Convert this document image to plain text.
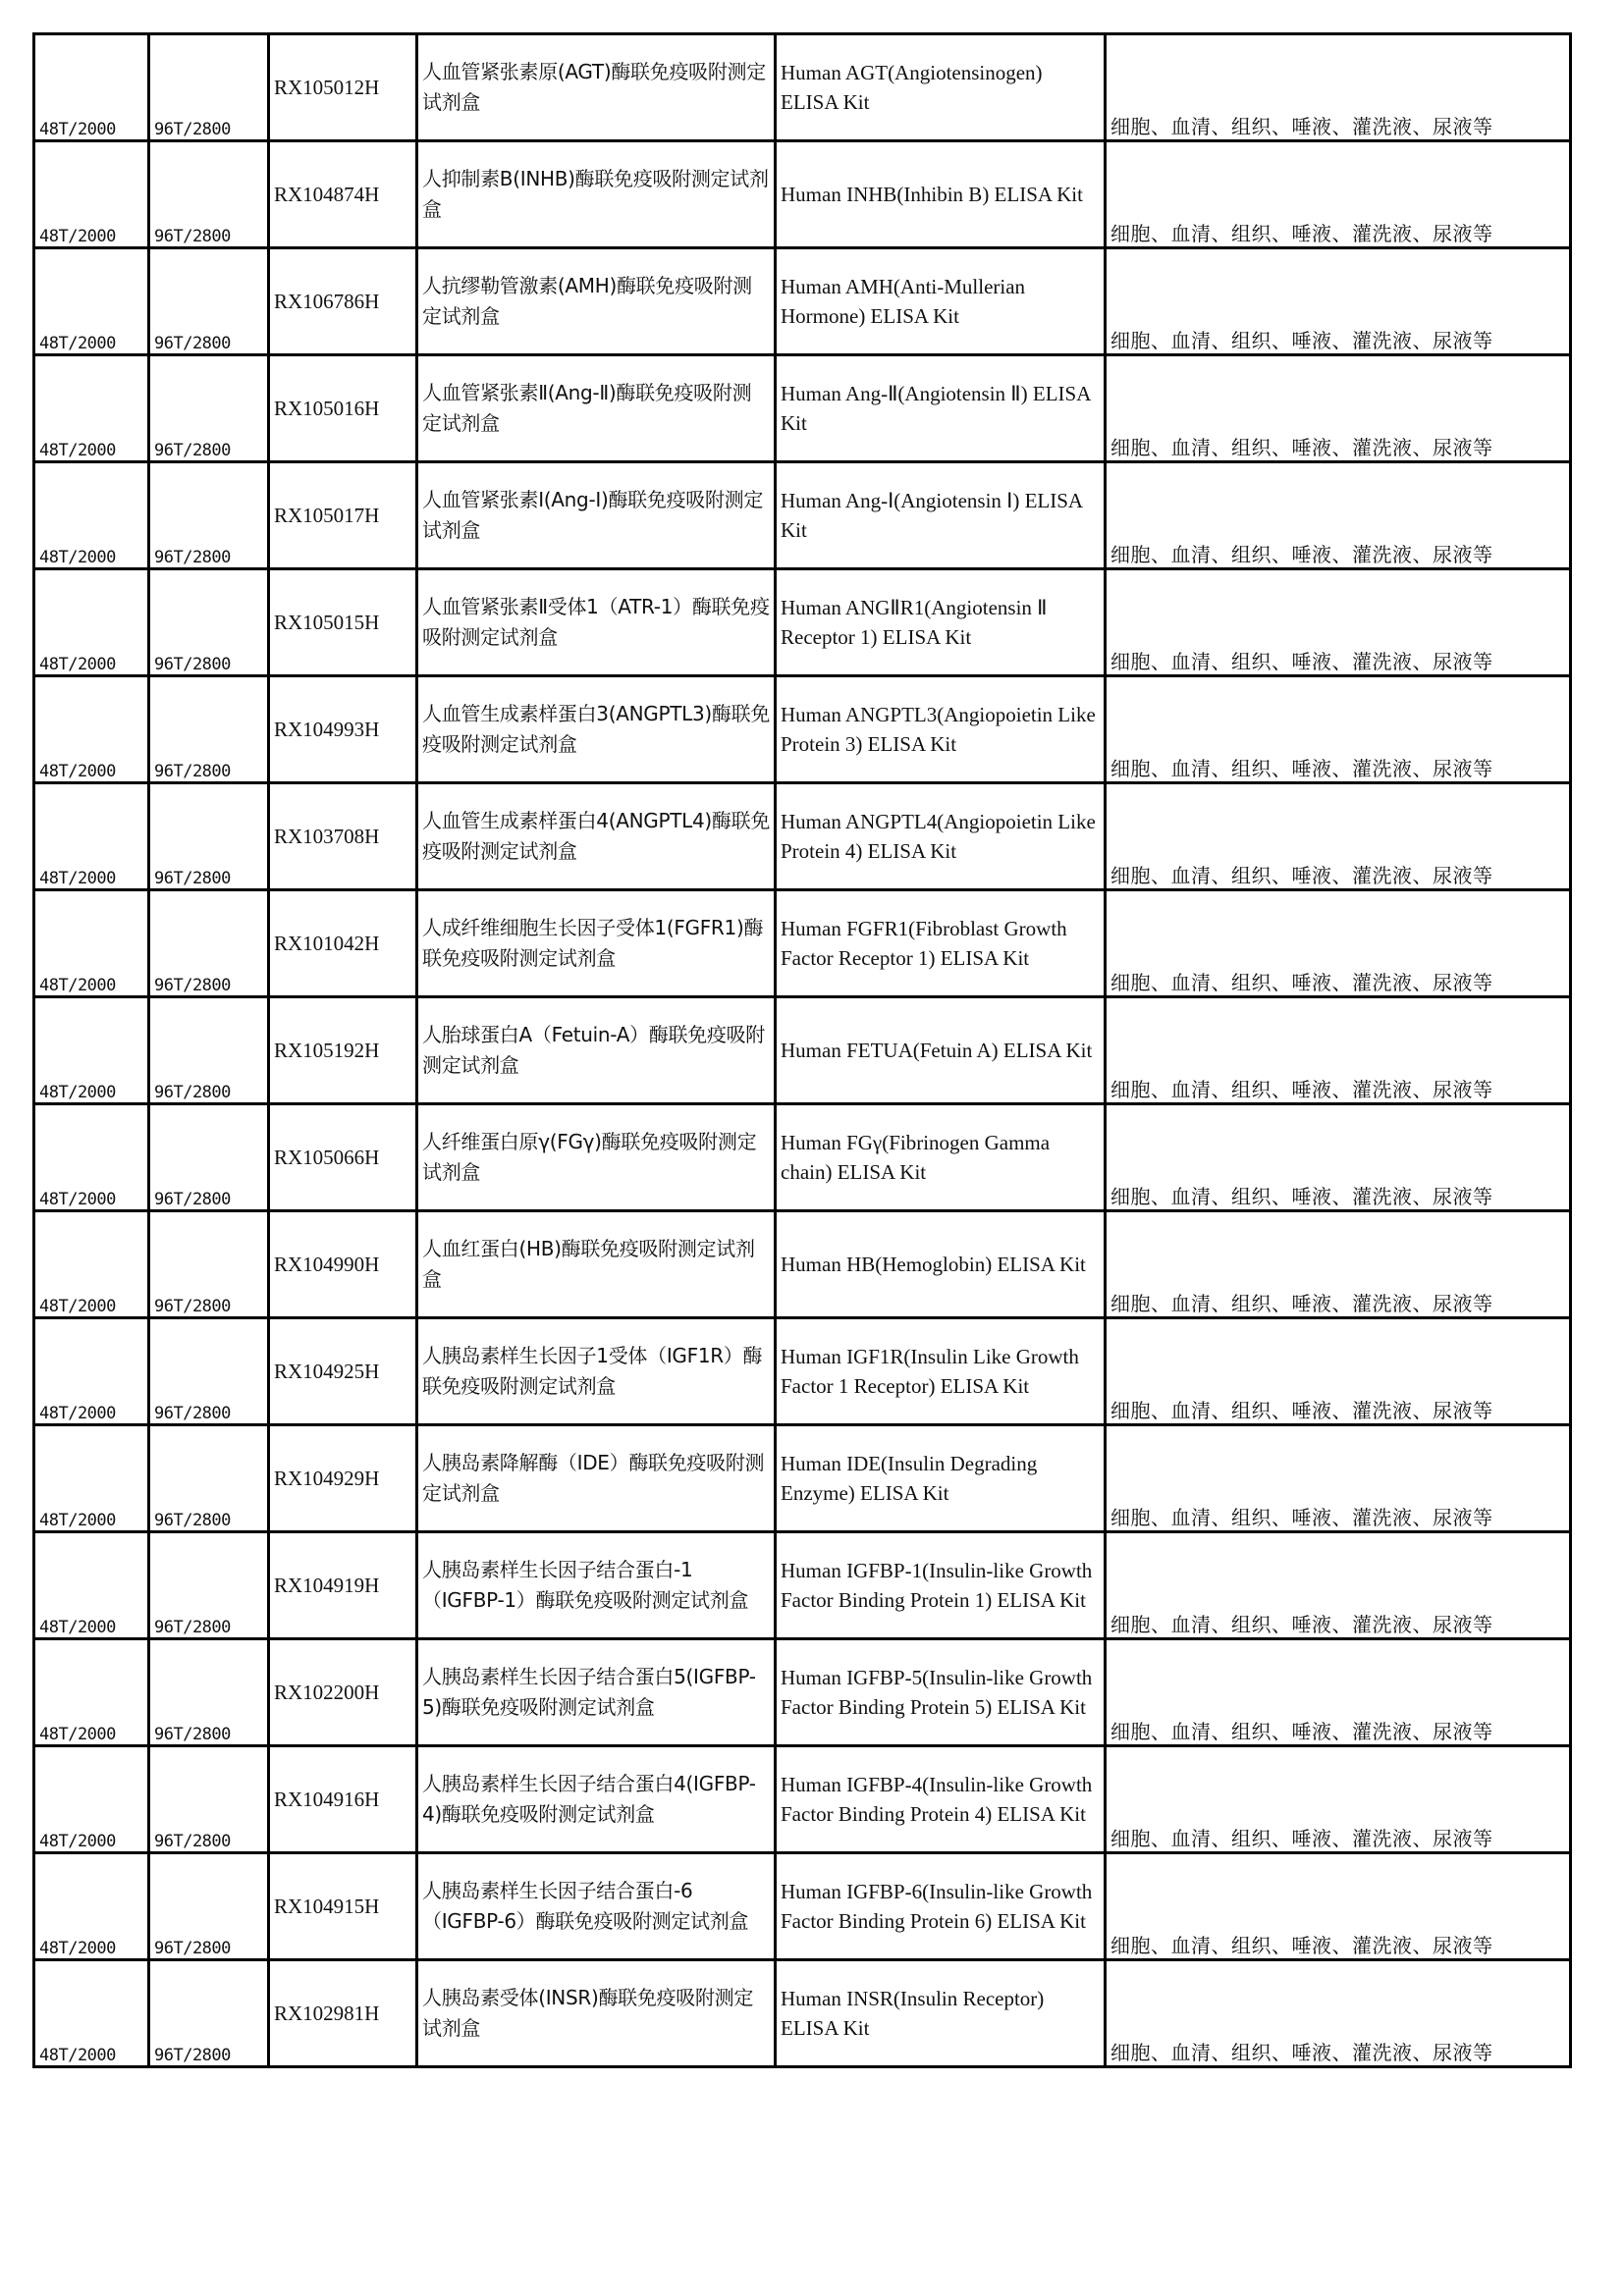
48T/2000	96T/2800	RX105012H	人血管紧张素原(AGT)酶联免疫吸附测定试剂盒	Human AGT(Angiotensinogen) ELISA Kit	细胞、血清、组织、唾液、灌洗液、尿液等
48T/2000	96T/2800	RX104874H	人抑制素B(INHB)酶联免疫吸附测定试剂盒	Human INHB(Inhibin B) ELISA Kit	细胞、血清、组织、唾液、灌洗液、尿液等
48T/2000	96T/2800	RX106786H	人抗缪勒管激素(AMH)酶联免疫吸附测定试剂盒	Human AMH(Anti-Mullerian Hormone) ELISA Kit	细胞、血清、组织、唾液、灌洗液、尿液等
48T/2000	96T/2800	RX105016H	人血管紧张素Ⅱ(Ang-Ⅱ)酶联免疫吸附测定试剂盒	Human Ang-Ⅱ(Angiotensin Ⅱ) ELISA Kit	细胞、血清、组织、唾液、灌洗液、尿液等
48T/2000	96T/2800	RX105017H	人血管紧张素Ⅰ(Ang-Ⅰ)酶联免疫吸附测定试剂盒	Human Ang-Ⅰ(Angiotensin Ⅰ) ELISA Kit	细胞、血清、组织、唾液、灌洗液、尿液等
48T/2000	96T/2800	RX105015H	人血管紧张素Ⅱ受体1（ATR-1）酶联免疫吸附测定试剂盒	Human ANGⅡR1(Angiotensin Ⅱ Receptor 1) ELISA Kit	细胞、血清、组织、唾液、灌洗液、尿液等
48T/2000	96T/2800	RX104993H	人血管生成素样蛋白3(ANGPTL3)酶联免疫吸附测定试剂盒	Human ANGPTL3(Angiopoietin Like Protein 3) ELISA Kit	细胞、血清、组织、唾液、灌洗液、尿液等
48T/2000	96T/2800	RX103708H	人血管生成素样蛋白4(ANGPTL4)酶联免疫吸附测定试剂盒	Human ANGPTL4(Angiopoietin Like Protein 4) ELISA Kit	细胞、血清、组织、唾液、灌洗液、尿液等
48T/2000	96T/2800	RX101042H	人成纤维细胞生长因子受体1(FGFR1)酶联免疫吸附测定试剂盒	Human FGFR1(Fibroblast Growth Factor Receptor 1) ELISA Kit	细胞、血清、组织、唾液、灌洗液、尿液等
48T/2000	96T/2800	RX105192H	人胎球蛋白A（Fetuin-A）酶联免疫吸附测定试剂盒	Human FETUA(Fetuin A) ELISA Kit	细胞、血清、组织、唾液、灌洗液、尿液等
48T/2000	96T/2800	RX105066H	人纤维蛋白原γ(FGγ)酶联免疫吸附测定试剂盒	Human FGγ(Fibrinogen Gamma chain) ELISA Kit	细胞、血清、组织、唾液、灌洗液、尿液等
48T/2000	96T/2800	RX104990H	人血红蛋白(HB)酶联免疫吸附测定试剂盒	Human HB(Hemoglobin) ELISA Kit	细胞、血清、组织、唾液、灌洗液、尿液等
48T/2000	96T/2800	RX104925H	人胰岛素样生长因子1受体（IGF1R）酶联免疫吸附测定试剂盒	Human IGF1R(Insulin Like Growth Factor 1 Receptor) ELISA Kit	细胞、血清、组织、唾液、灌洗液、尿液等
48T/2000	96T/2800	RX104929H	人胰岛素降解酶（IDE）酶联免疫吸附测定试剂盒	Human IDE(Insulin Degrading Enzyme) ELISA Kit	细胞、血清、组织、唾液、灌洗液、尿液等
48T/2000	96T/2800	RX104919H	人胰岛素样生长因子结合蛋白-1（IGFBP-1）酶联免疫吸附测定试剂盒	Human IGFBP-1(Insulin-like Growth Factor Binding Protein 1) ELISA Kit	细胞、血清、组织、唾液、灌洗液、尿液等
48T/2000	96T/2800	RX102200H	人胰岛素样生长因子结合蛋白5(IGFBP-5)酶联免疫吸附测定试剂盒	Human IGFBP-5(Insulin-like Growth Factor Binding Protein 5) ELISA Kit	细胞、血清、组织、唾液、灌洗液、尿液等
48T/2000	96T/2800	RX104916H	人胰岛素样生长因子结合蛋白4(IGFBP-4)酶联免疫吸附测定试剂盒	Human IGFBP-4(Insulin-like Growth Factor Binding Protein 4) ELISA Kit	细胞、血清、组织、唾液、灌洗液、尿液等
48T/2000	96T/2800	RX104915H	人胰岛素样生长因子结合蛋白-6（IGFBP-6）酶联免疫吸附测定试剂盒	Human IGFBP-6(Insulin-like Growth Factor Binding Protein 6) ELISA Kit	细胞、血清、组织、唾液、灌洗液、尿液等
48T/2000	96T/2800	RX102981H	人胰岛素受体(INSR)酶联免疫吸附测定试剂盒	Human INSR(Insulin Receptor) ELISA Kit	细胞、血清、组织、唾液、灌洗液、尿液等
